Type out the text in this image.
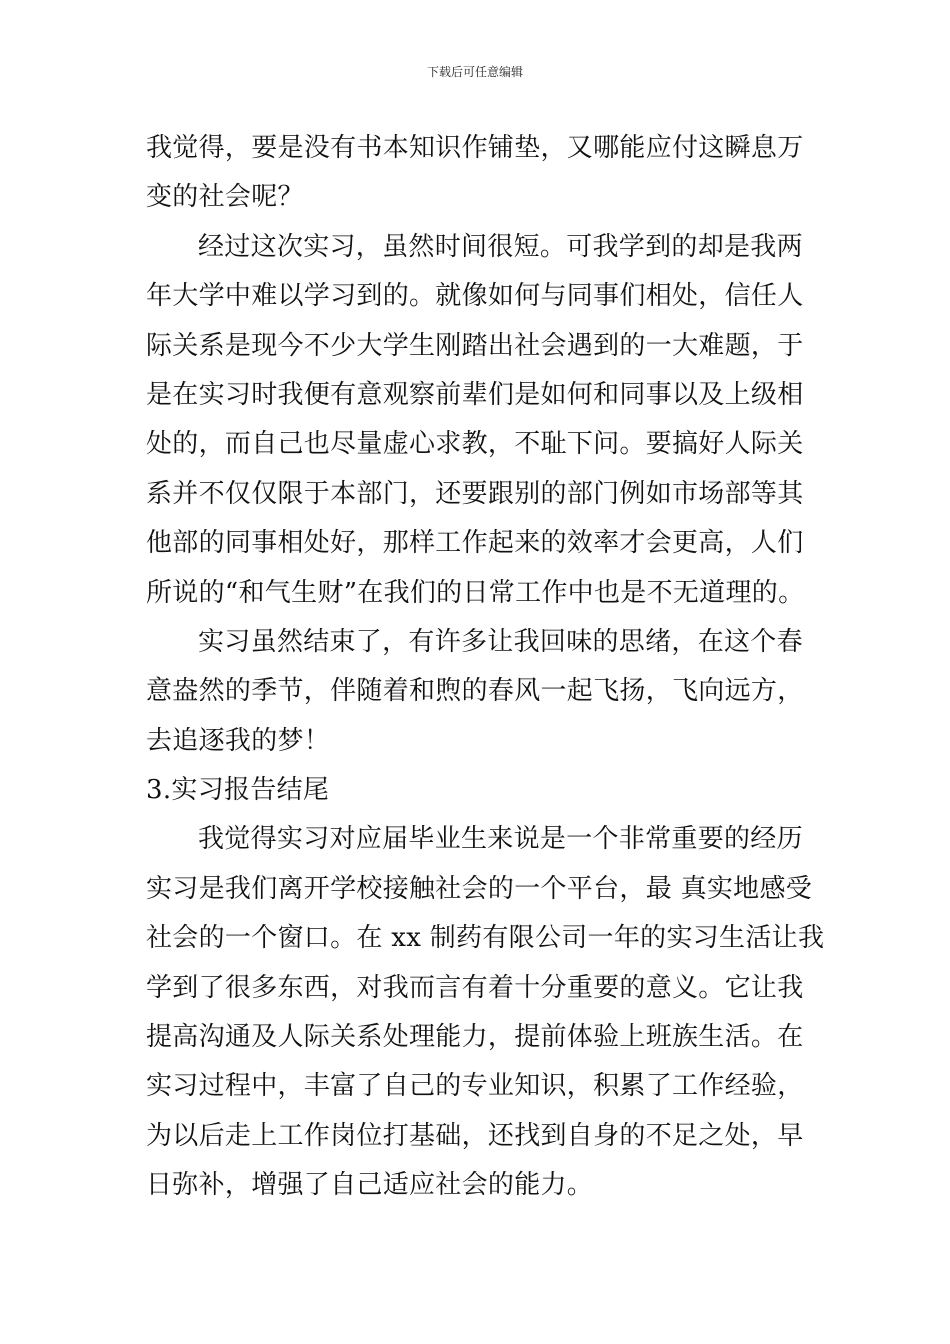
下载后可任意编辑
我觉得，要是没有书本知识作铺垫，又哪能应付这瞬息万
变的社会呢？
经过这次实习，虽然时间很短。可我学到的却是我两
年大学中难以学习到的。就像如何与同事们相处，信任人
际关系是现今不少大学生刚踏出社会遇到的一大难题，于
是在实习时我便有意观察前辈们是如何和同事以及上级相
处的，而自己也尽量虚心求教，不耻下问。要搞好人际关
系并不仅仅限于本部门，还要跟别的部门例如市场部等其
他部的同事相处好，那样工作起来的效率才会更高，人们
所说的“和气生财”在我们的日常工作中也是不无道理的。
实习虽然结束了，有许多让我回味的思绪，在这个春
意盎然的季节，伴随着和煦的春风一起飞扬，飞向远方，
去追逐我的梦！
3.实习报告结尾
我觉得实习对应届毕业生来说是一个非常重要的经历
实习是我们离开学校接触社会的一个平台，最 真实地感受
社会的一个窗口。在 xx 制药有限公司一年的实习生活让我
学到了很多东西，对我而言有着十分重要的意义。它让我
提高沟通及人际关系处理能力，提前体验上班族生活。在
实习过程中，丰富了自己的专业知识，积累了工作经验，
为以后走上工作岗位打基础，还找到自身的不足之处，早
日弥补，增强了自己适应社会的能力。
